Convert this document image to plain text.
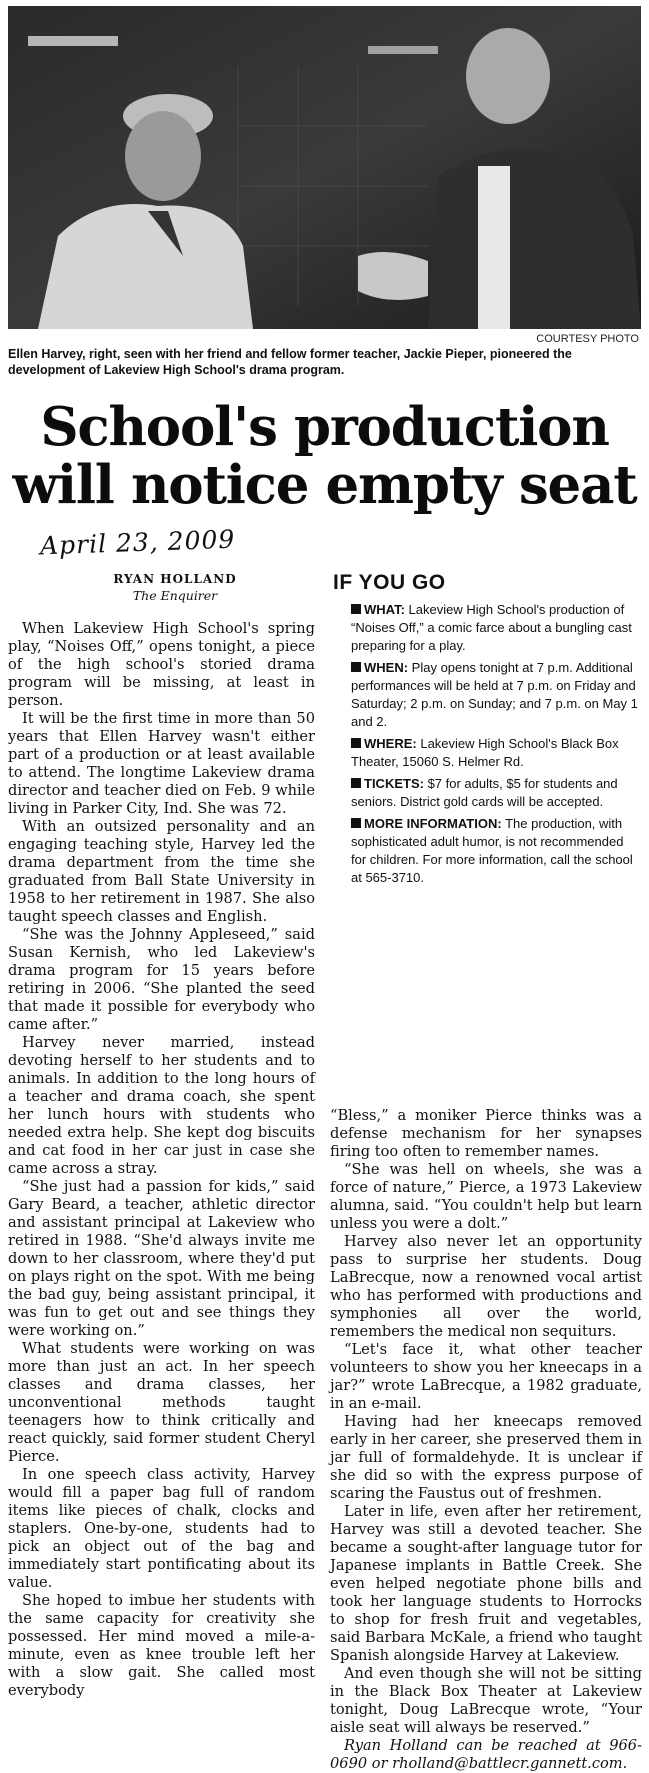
COURTESY PHOTO
Ellen Harvey, right, seen with her friend and fellow former teacher, Jackie Pieper, pioneered the development of Lakeview High School's drama program.
School's production
will notice empty seat
April 23, 2009
RYAN HOLLAND
The Enquirer
IF YOU GO
WHAT: Lakeview High School's production of “Noises Off,” a comic farce about a bungling cast preparing for a play.
WHEN: Play opens tonight at 7 p.m. Additional performances will be held at 7 p.m. on Friday and Saturday; 2 p.m. on Sunday; and 7 p.m. on May 1 and 2.
WHERE: Lakeview High School's Black Box Theater, 15060 S. Helmer Rd.
TICKETS: $7 for adults, $5 for students and seniors. District gold cards will be accepted.
MORE INFORMATION: The production, with sophisticated adult humor, is not recommended for children. For more information, call the school at 565-3710.

When Lakeview High School's spring play, “Noises Off,” opens tonight, a piece of the high school's storied drama program will be missing, at least in person.

It will be the first time in more than 50 years that Ellen Harvey wasn't either part of a production or at least available to attend. The longtime Lakeview drama director and teacher died on Feb. 9 while living in Parker City, Ind. She was 72.

With an outsized personality and an engaging teaching style, Harvey led the drama department from the time she graduated from Ball State University in 1958 to her retirement in 1987. She also taught speech classes and English.

“She was the Johnny Appleseed,” said Susan Kernish, who led Lakeview's drama program for 15 years before retiring in 2006. “She planted the seed that made it possible for everybody who came after.”

Harvey never married, instead devoting herself to her students and to animals. In addition to the long hours of a teacher and drama coach, she spent her lunch hours with students who needed extra help. She kept dog biscuits and cat food in her car just in case she came across a stray.

“She just had a passion for kids,” said Gary Beard, a teacher, athletic director and assistant principal at Lakeview who retired in 1988. “She'd always invite me down to her classroom, where they'd put on plays right on the spot. With me being the bad guy, being assistant principal, it was fun to get out and see things they were working on.”

What students were working on was more than just an act. In her speech classes and drama classes, her unconventional methods taught teenagers how to think critically and react quickly, said former student Cheryl Pierce.

In one speech class activity, Harvey would fill a paper bag full of random items like pieces of chalk, clocks and staplers. One-by-one, students had to pick an object out of the bag and immediately start pontificating about its value.

She hoped to imbue her students with the same capacity for creativity she possessed. Her mind moved a mile-a-minute, even as knee trouble left her with a slow gait. She called most everybody

“Bless,” a moniker Pierce thinks was a defense mechanism for her synapses firing too often to remember names.

“She was hell on wheels, she was a force of nature,” Pierce, a 1973 Lakeview alumna, said. “You couldn't help but learn unless you were a dolt.”

Harvey also never let an opportunity pass to surprise her students. Doug LaBrecque, now a renowned vocal artist who has performed with productions and symphonies all over the world, remembers the medical non sequiturs.

“Let's face it, what other teacher volunteers to show you her kneecaps in a jar?” wrote LaBrecque, a 1982 graduate, in an e-mail.

Having had her kneecaps removed early in her career, she preserved them in jar full of formaldehyde. It is unclear if she did so with the express purpose of scaring the Faustus out of freshmen.

Later in life, even after her retirement, Harvey was still a devoted teacher. She became a sought-after language tutor for Japanese implants in Battle Creek. She even helped negotiate phone bills and took her language students to Horrocks to shop for fresh fruit and vegetables, said Barbara McKale, a friend who taught Spanish alongside Harvey at Lakeview.

And even though she will not be sitting in the Black Box Theater at Lakeview tonight, Doug LaBrecque wrote, “Your aisle seat will always be reserved.”

Ryan Holland can be reached at 966-0690 or rholland@battlecr.gannett.com.
